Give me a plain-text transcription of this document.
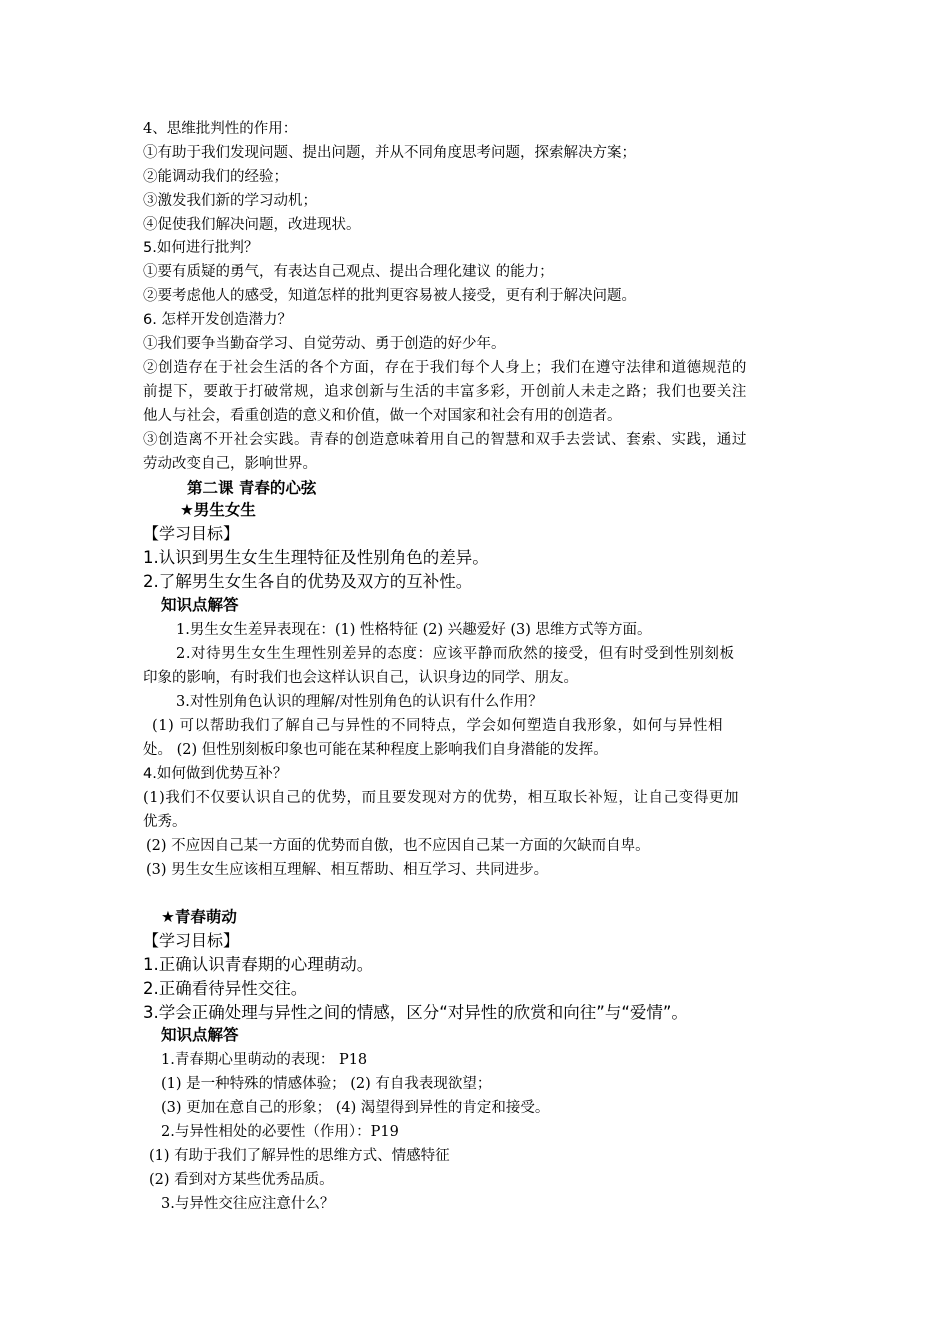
4、思维批判性的作用：
①有助于我们发现问题、提出问题，并从不同角度思考问题，探索解决方案；
②能调动我们的经验；
③激发我们新的学习动机；
④促使我们解决问题，改进现状。
5.如何进行批判？
①要有质疑的勇气，有表达自己观点、提出合理化建议 的能力；
②要考虑他人的感受，知道怎样的批判更容易被人接受，更有利于解决问题。
6. 怎样开发创造潜力？
①我们要争当勤奋学习、自觉劳动、勇于创造的好少年。
②创造存在于社会生活的各个方面，存在于我们每个人身上；我们在遵守法律和道德规范的
前提下，要敢于打破常规，追求创新与生活的丰富多彩，开创前人未走之路；我们也要关注
他人与社会，看重创造的意义和价值，做一个对国家和社会有用的创造者。
③创造离不开社会实践。青春的创造意味着用自己的智慧和双手去尝试、套索、实践，通过
劳动改变自己，影响世界。
第二课 青春的心弦
★男生女生
【学习目标】
1.认识到男生女生生理特征及性别角色的差异。
2.了解男生女生各自的优势及双方的互补性。
知识点解答
1.男生女生差异表现在：(1) 性格特征 (2) 兴趣爱好 (3) 思维方式等方面。
2.对待男生女生生理性别差异的态度：应该平静而欣然的接受，但有时受到性别刻板
印象的影响，有时我们也会这样认识自己，认识身边的同学、朋友。
3.对性别角色认识的理解/对性别角色的认识有什么作用？
(1) 可以帮助我们了解自己与异性的不同特点，学会如何塑造自我形象，如何与异性相
处。 (2) 但性别刻板印象也可能在某种程度上影响我们自身潜能的发挥。
4.如何做到优势互补？
(1)我们不仅要认识自己的优势，而且要发现对方的优势，相互取长补短，让自己变得更加
优秀。
(2) 不应因自己某一方面的优势而自傲，也不应因自己某一方面的欠缺而自卑。
(3) 男生女生应该相互理解、相互帮助、相互学习、共同进步。
★青春萌动
【学习目标】
1.正确认识青春期的心理萌动。
2.正确看待异性交往。
3.学会正确处理与异性之间的情感，区分“对异性的欣赏和向往”与“爱情”。
知识点解答
1.青春期心里萌动的表现： P18
(1) 是一种特殊的情感体验； (2) 有自我表现欲望；
(3) 更加在意自己的形象； (4) 渴望得到异性的肯定和接受。
2.与异性相处的必要性（作用）：P19
(1) 有助于我们了解异性的思维方式、情感特征
(2) 看到对方某些优秀品质。
3.与异性交往应注意什么？
